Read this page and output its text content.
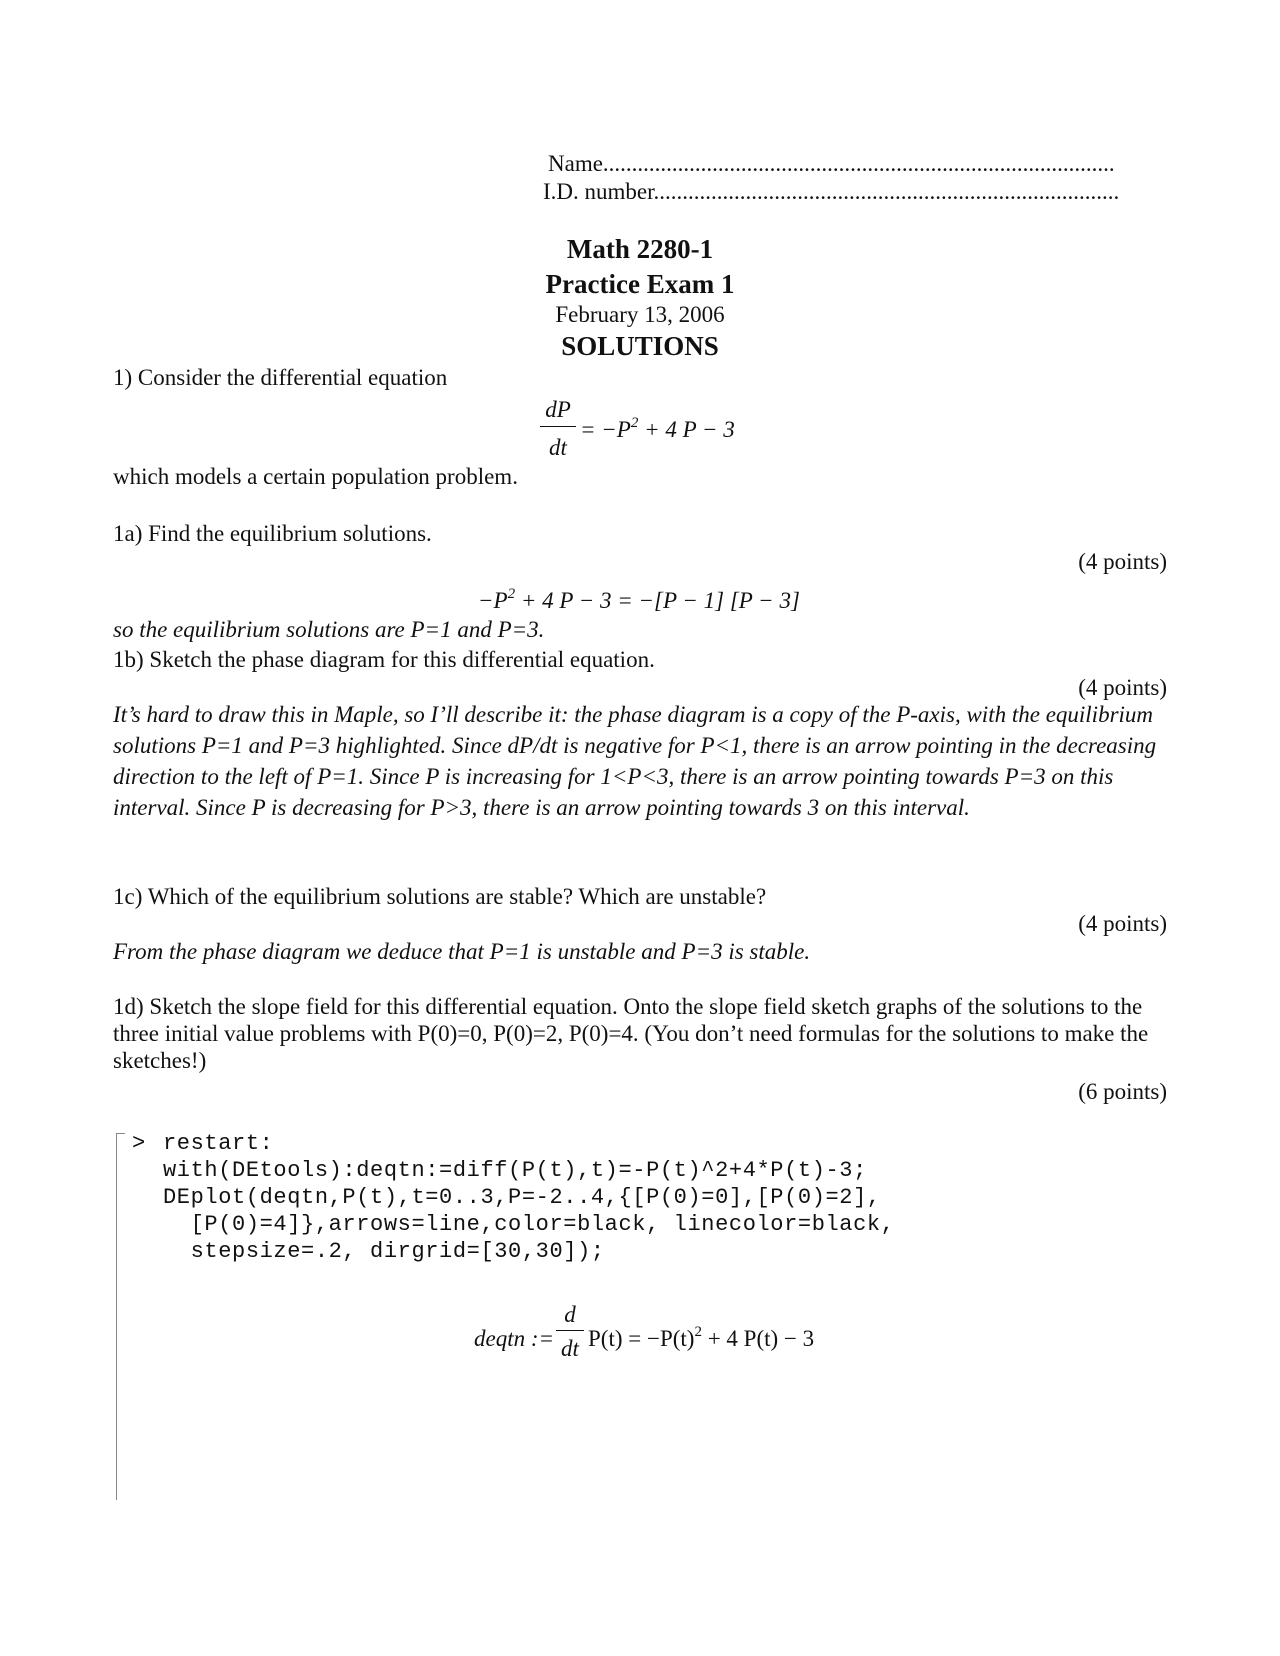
Name.........................................................................................
I.D. number.................................................................................
Math 2280-1
Practice Exam 1
February 13, 2006
SOLUTIONS
1) Consider the differential equation
dP
dt
= $-P^2 + 4$ P − 3
which models a certain population problem.
1a) Find the equilibrium solutions.
(4 points)
$-P^2 + 4$ P − 3 = −[P − 1] [P − 3]
so the equilibrium solutions are P=1 and P=3.
1b) Sketch the phase diagram for this differential equation.
(4 points)
It’s hard to draw this in Maple, so I’ll describe it: the phase diagram is a copy of the P-axis, with the equilibrium solutions P=1 and P=3 highlighted. Since dP/dt is negative for P<1, there is an arrow pointing in the decreasing direction to the left of P=1. Since P is increasing for 1<P<3, there is an arrow pointing towards P=3 on this interval. Since P is decreasing for P>3, there is an arrow pointing towards 3 on this interval.
1c) Which of the equilibrium solutions are stable? Which are unstable?
(4 points)
From the phase diagram we deduce that P=1 is unstable and P=3 is stable.
1d) Sketch the slope field for this differential equation. Onto the slope field sketch graphs of the solutions to the three initial value problems with P(0)=0, P(0)=2, P(0)=4. (You don’t need formulas for the solutions to make the sketches!)
(6 points)
> restart:
with(DEtools):deqtn:=diff(P(t),t)=-P(t)^2+4*P(t)-3;
DEplot(deqtn,P(t),t=0..3,P=-2..4,{[P(0)=0],[P(0)=2],
[P(0)=4]},arrows=line,color=black, linecolor=black,
stepsize=.2, dirgrid=[30,30]);
deqtn :=
d
dt $P(t) = -P(t)^2 + 4$ P(t) − 3
